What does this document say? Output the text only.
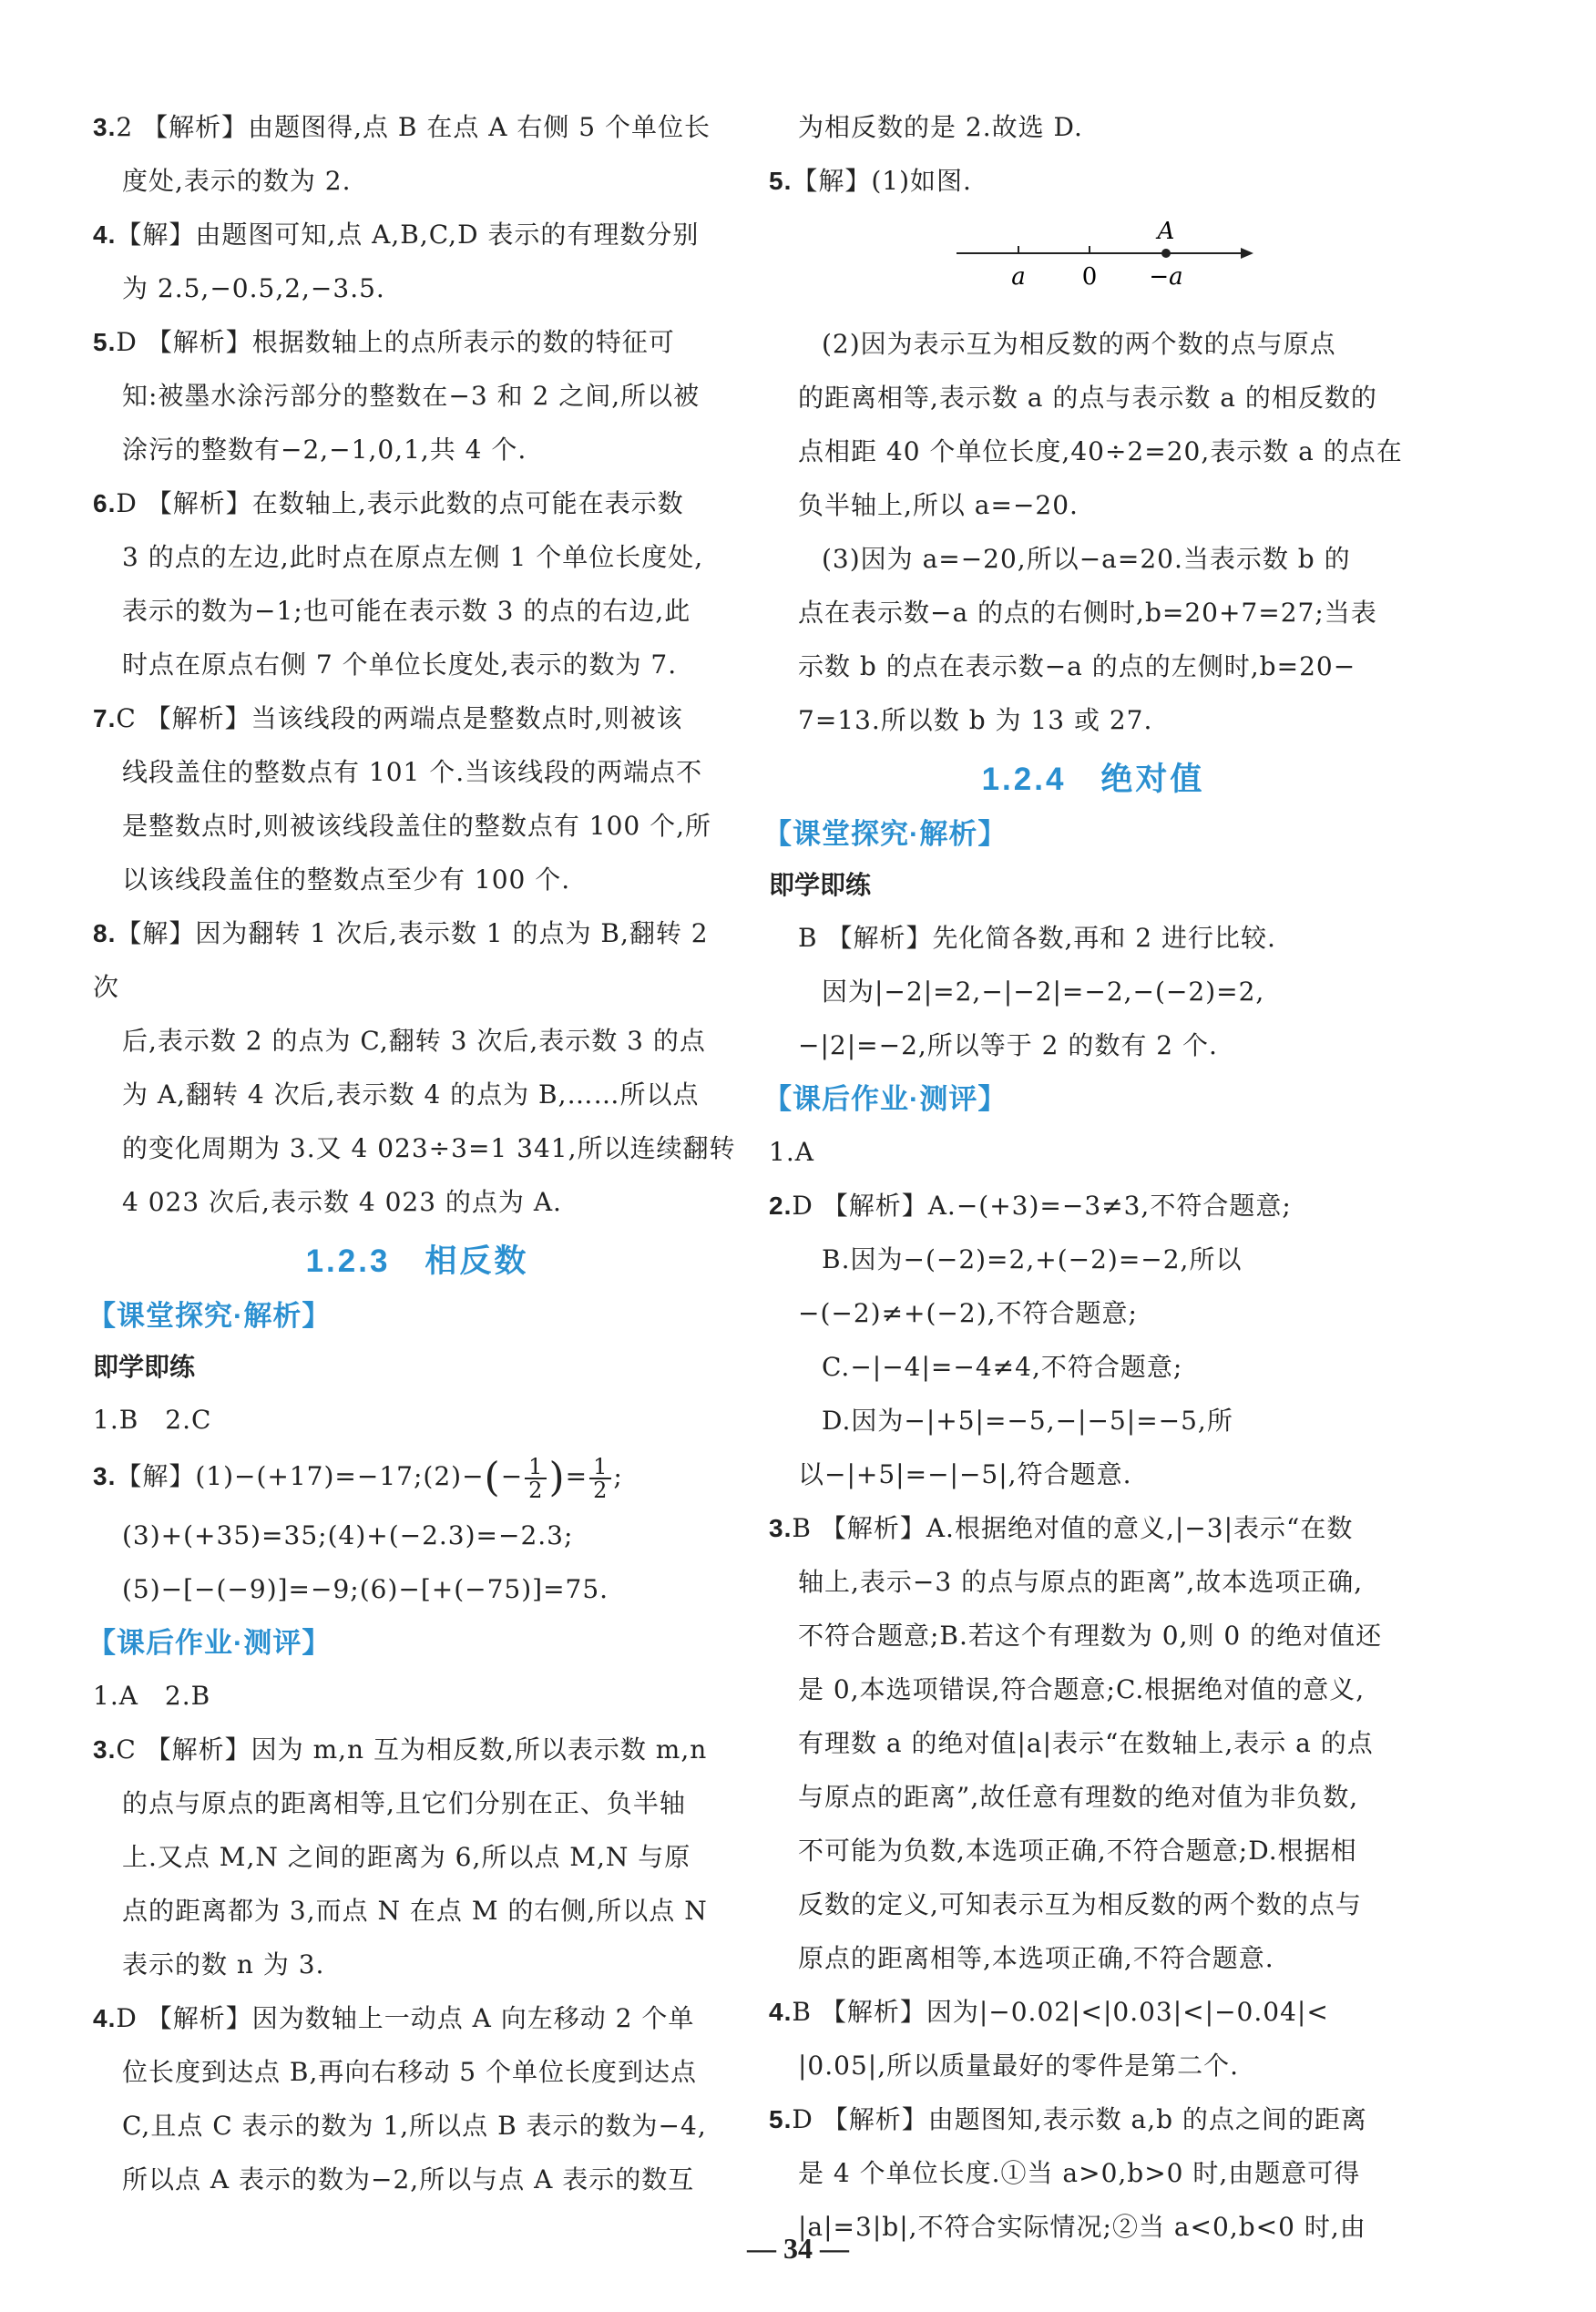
3.2 【解析】由题图得,点 B 在点 A 右侧 5 个单位长

度处,表示的数为 2.

4.【解】由题图可知,点 A,B,C,D 表示的有理数分别

为 2.5,−0.5,2,−3.5.

5.D 【解析】根据数轴上的点所表示的数的特征可

知:被墨水涂污部分的整数在−3 和 2 之间,所以被

涂污的整数有−2,−1,0,1,共 4 个.

6.D 【解析】在数轴上,表示此数的点可能在表示数

3 的点的左边,此时点在原点左侧 1 个单位长度处,

表示的数为−1;也可能在表示数 3 的点的右边,此

时点在原点右侧 7 个单位长度处,表示的数为 7.

7.C 【解析】当该线段的两端点是整数点时,则被该

线段盖住的整数点有 101 个.当该线段的两端点不

是整数点时,则被该线段盖住的整数点有 100 个,所

以该线段盖住的整数点至少有 100 个.

8.【解】因为翻转 1 次后,表示数 1 的点为 B,翻转 2 次

后,表示数 2 的点为 C,翻转 3 次后,表示数 3 的点

为 A,翻转 4 次后,表示数 4 的点为 B,……所以点

的变化周期为 3.又 4 023÷3=1 341,所以连续翻转

4 023 次后,表示数 4 023 的点为 A.

1.2.3　相反数
【课堂探究·解析】

即学即练

1.B　2.C

3.【解】(1)−(+17)=−17;(2)−(− $\frac{1}{2}$ )= $\frac{1}{2}$ ;

(3)+(+35)=35;(4)+(−2.3)=−2.3;

(5)−[−(−9)]=−9;(6)−[+(−75)]=75.

【课后作业·测评】

1.A　2.B

3.C 【解析】因为 m,n 互为相反数,所以表示数 m,n

的点与原点的距离相等,且它们分别在正、负半轴

上.又点 M,N 之间的距离为 6,所以点 M,N 与原

点的距离都为 3,而点 N 在点 M 的右侧,所以点 N

表示的数 n 为 3.

4.D 【解析】因为数轴上一动点 A 向左移动 2 个单

位长度到达点 B,再向右移动 5 个单位长度到达点

C,且点 C 表示的数为 1,所以点 B 表示的数为−4,

所以点 A 表示的数为−2,所以与点 A 表示的数互

为相反数的是 2.故选 D.

5.【解】(1)如图.

A
a 0 −a

(2)因为表示互为相反数的两个数的点与原点

的距离相等,表示数 a 的点与表示数 a 的相反数的

点相距 40 个单位长度,40÷2=20,表示数 a 的点在

负半轴上,所以 a=−20.

(3)因为 a=−20,所以−a=20.当表示数 b 的

点在表示数−a 的点的右侧时,b=20+7=27;当表

示数 b 的点在表示数−a 的点的左侧时,b=20−

7=13.所以数 b 为 13 或 27.

1.2.4　绝对值
【课堂探究·解析】

即学即练

B 【解析】先化简各数,再和 2 进行比较.

因为|−2|=2,−|−2|=−2,−(−2)=2,

−|2|=−2,所以等于 2 的数有 2 个.

【课后作业·测评】

1.A

2.D 【解析】A.−(+3)=−3≠3,不符合题意;

B.因为−(−2)=2,+(−2)=−2,所以

−(−2)≠+(−2),不符合题意;

C.−|−4|=−4≠4,不符合题意;

D.因为−|+5|=−5,−|−5|=−5,所

以−|+5|=−|−5|,符合题意.

3.B 【解析】A.根据绝对值的意义,|−3|表示“在数

轴上,表示−3 的点与原点的距离”,故本选项正确,

不符合题意;B.若这个有理数为 0,则 0 的绝对值还

是 0,本选项错误,符合题意;C.根据绝对值的意义,

有理数 a 的绝对值|a|表示“在数轴上,表示 a 的点

与原点的距离”,故任意有理数的绝对值为非负数,

不可能为负数,本选项正确,不符合题意;D.根据相

反数的定义,可知表示互为相反数的两个数的点与

原点的距离相等,本选项正确,不符合题意.

4.B 【解析】因为|−0.02|<|0.03|<|−0.04|<

|0.05|,所以质量最好的零件是第二个.

5.D 【解析】由题图知,表示数 a,b 的点之间的距离

是 4 个单位长度.①当 a>0,b>0 时,由题意可得

|a|=3|b|,不符合实际情况;②当 a<0,b<0 时,由

— 34 —
